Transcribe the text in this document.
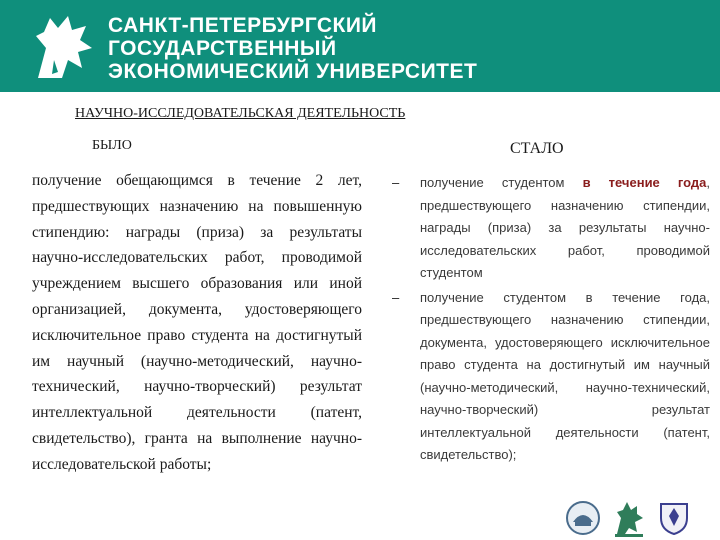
САНКТ-ПЕТЕРБУРГСКИЙ
ГОСУДАРСТВЕННЫЙ
ЭКОНОМИЧЕСКИЙ УНИВЕРСИТЕТ
НАУЧНО-ИССЛЕДОВАТЕЛЬСКАЯ ДЕЯТЕЛЬНОСТЬ
БЫЛО	СТАЛО
получение обещающимся в течение 2 лет, предшествующих назначению на повышенную стипендию: награды (приза) за результаты научно-исследовательских работ, проводимой учреждением высшего образования или иной организацией, документа, удостоверяющего исключительное право студента на достигнутый им научный (научно-методический, научно-технический, научно-творческий) результат интеллектуальной деятельности (патент, свидетельство), гранта на выполнение научно-исследовательской работы;
– получение студентом в течение года, предшествующего назначению стипендии, награды (приза) за результаты научно-исследовательских работ, проводимой студентом
– получение студентом в течение года, предшествующего назначению стипендии, документа, удостоверяющего исключительное право студента на достигнутый им научный (научно-методический, научно-технический, научно-творческий) результат интеллектуальной деятельности (патент, свидетельство);
